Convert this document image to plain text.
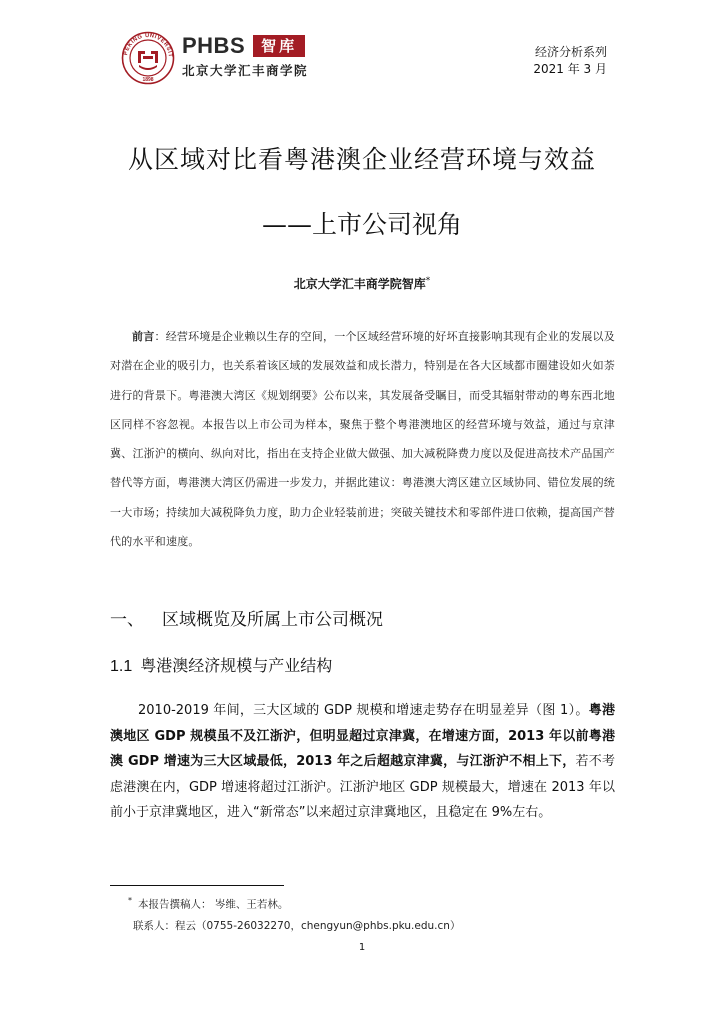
PEKING UNIVERSIT
1898
PHBS	智库
北京大学汇丰商学院
经济分析系列
2021 年 3 月
从区域对比看粤港澳企业经营环境与效益
——上市公司视角
北京大学汇丰商学院智库*

前言：经营环境是企业赖以生存的空间，一个区域经营环境的好坏直接影响其现有企业的发展以及对潜在企业的吸引力，也关系着该区域的发展效益和成长潜力，特别是在各大区域都市圈建设如火如荼进行的背景下。粤港澳大湾区《规划纲要》公布以来，其发展备受瞩目，而受其辐射带动的粤东西北地区同样不容忽视。本报告以上市公司为样本，聚焦于整个粤港澳地区的经营环境与效益，通过与京津冀、江浙沪的横向、纵向对比，指出在支持企业做大做强、加大减税降费力度以及促进高技术产品国产替代等方面，粤港澳大湾区仍需进一步发力，并据此建议：粤港澳大湾区建立区域协同、错位发展的统一大市场；持续加大减税降负力度，助力企业轻装前进；突破关键技术和零部件进口依赖，提高国产替代的水平和速度。

一、 区域概览及所属上市公司概况
1.1 粤港澳经济规模与产业结构

2010-2019 年间，三大区域的 GDP 规模和增速走势存在明显差异（图 1）。粤港澳地区 GDP 规模虽不及江浙沪，但明显超过京津冀，在增速方面，2013 年以前粤港澳 GDP 增速为三大区域最低，2013 年之后超越京津冀，与江浙沪不相上下，若不考虑港澳在内，GDP 增速将超过江浙沪。江浙沪地区 GDP 规模最大，增速在 2013 年以前小于京津冀地区，进入“新常态”以来超过京津冀地区，且稳定在 9%左右。

* 本报告撰稿人： 岑维、王若林。
联系人：程云（0755-26032270，chengyun@phbs.pku.edu.cn）
1
